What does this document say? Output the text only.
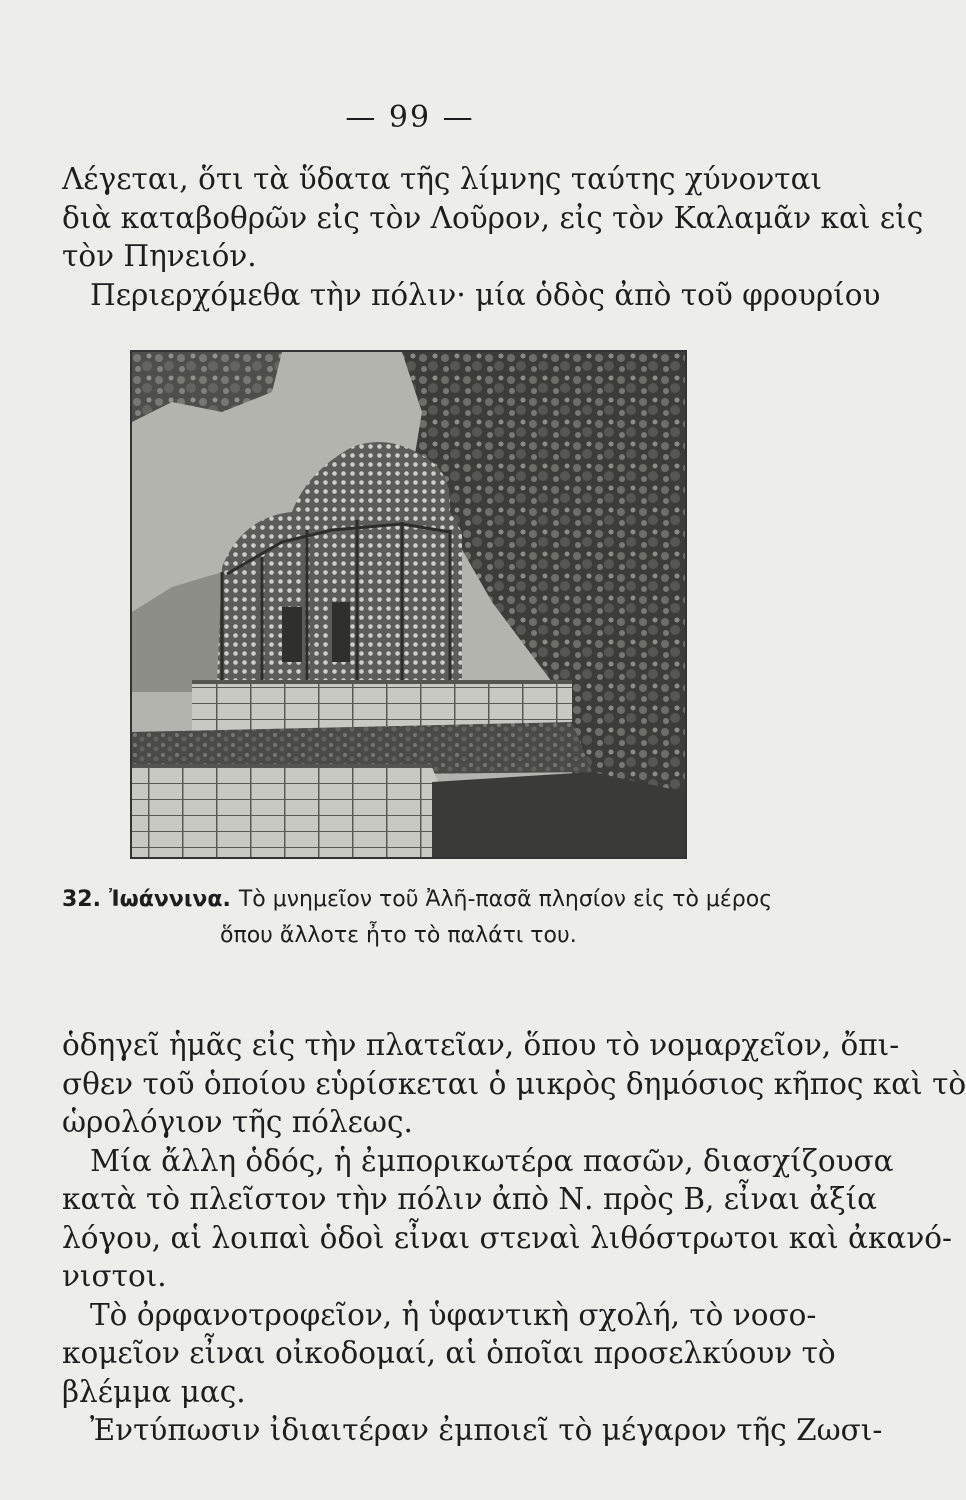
— 99 —

Λέγεται, ὅτι τὰ ὕδατα τῆς λίμνης ταύτης χύνονται
διὰ καταβοθρῶν εἰς τὸν Λοῦρον, εἰς τὸν Καλαμᾶν καὶ εἰς
τὸν Πηνειόν.
Περιερχόμεθα τὴν πόλιν· μία ὁδὸς ἀπὸ τοῦ φρουρίου

32. Ἰωάννινα. Τὸ μνημεῖον τοῦ Ἀλῆ-πασᾶ πλησίον εἰς τὸ μέρος
ὅπου ἄλλοτε ἦτο τὸ παλάτι του.

ὁδηγεῖ ἡμᾶς εἰς τὴν πλατεῖαν, ὅπου τὸ νομαρχεῖον, ὄπι-
σθεν τοῦ ὁποίου εὑρίσκεται ὁ μικρὸς δημόσιος κῆπος καὶ τὸ
ὡρολόγιον τῆς πόλεως.
Μία ἄλλη ὁδός, ἡ ἐμπορικωτέρα πασῶν, διασχίζουσα
κατὰ τὸ πλεῖστον τὴν πόλιν ἀπὸ Ν. πρὸς Β, εἶναι ἀξία
λόγου, αἱ λοιπαὶ ὁδοὶ εἶναι στεναὶ λιθόστρωτοι καὶ ἀκανό-
νιστοι.
Τὸ ὀρφανοτροφεῖον, ἡ ὑφαντικὴ σχολή, τὸ νοσο-
κομεῖον εἶναι οἰκοδομαί, αἱ ὁποῖαι προσελκύουν τὸ
βλέμμα μας.
Ἐντύπωσιν ἰδιαιτέραν ἐμποιεῖ τὸ μέγαρον τῆς Ζωσι-
